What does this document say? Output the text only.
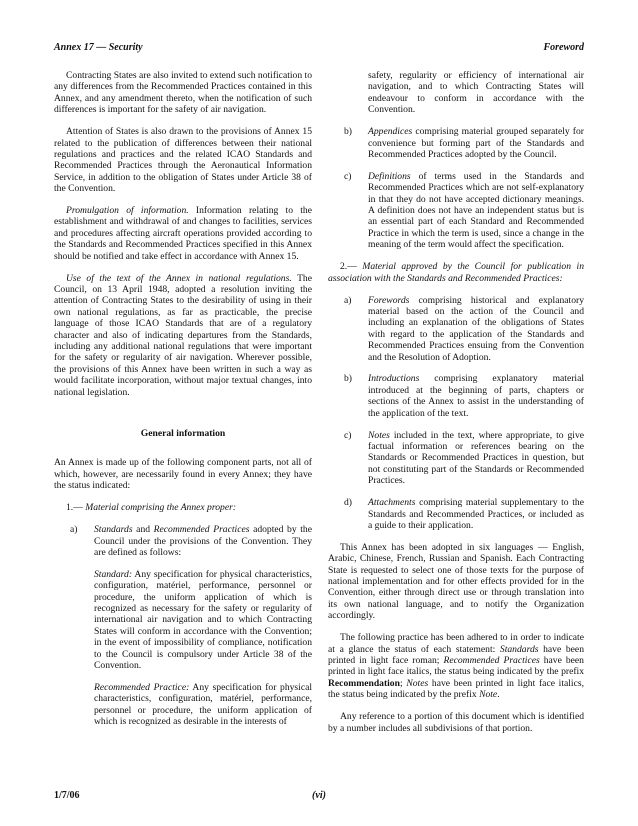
Annex 17 — Security	Foreword

Contracting States are also invited to extend such notification to any differences from the Recommended Practices contained in this Annex, and any amendment thereto, when the notification of such differences is important for the safety of air navigation.

Attention of States is also drawn to the provisions of Annex 15 related to the publication of differences between their national regulations and practices and the related ICAO Standards and Recommended Practices through the Aeronautical Information Service, in addition to the obligation of States under Article 38 of the Convention.

Promulgation of information. Information relating to the establishment and withdrawal of and changes to facilities, services and procedures affecting aircraft operations provided according to the Standards and Recommended Practices specified in this Annex should be notified and take effect in accordance with Annex 15.

Use of the text of the Annex in national regulations. The Council, on 13 April 1948, adopted a resolution inviting the attention of Contracting States to the desirability of using in their own national regulations, as far as practicable, the precise language of those ICAO Standards that are of a regulatory character and also of indicating departures from the Standards, including any additional national regulations that were important for the safety or regularity of air navigation. Wherever possible, the provisions of this Annex have been written in such a way as would facilitate incorporation, without major textual changes, into national legislation.

General information

An Annex is made up of the following component parts, not all of which, however, are necessarily found in every Annex; they have the status indicated:

1.— Material comprising the Annex proper:

a) Standards and Recommended Practices adopted by the Council under the provisions of the Convention. They are defined as follows:
Standard: Any specification for physical characteristics, configuration, matériel, performance, personnel or procedure, the uniform application of which is recognized as necessary for the safety or regularity of international air navigation and to which Contracting States will conform in accordance with the Convention; in the event of impossibility of compliance, notification to the Council is compulsory under Article 38 of the Convention.
Recommended Practice: Any specification for physical characteristics, configuration, matériel, performance, personnel or procedure, the uniform application of which is recognized as desirable in the interests of
safety, regularity or efficiency of international air navigation, and to which Contracting States will endeavour to conform in accordance with the Convention.
b) Appendices comprising material grouped separately for convenience but forming part of the Standards and Recommended Practices adopted by the Council.
c) Definitions of terms used in the Standards and Recommended Practices which are not self-explanatory in that they do not have accepted dictionary meanings. A definition does not have an independent status but is an essential part of each Standard and Recommended Practice in which the term is used, since a change in the meaning of the term would affect the specification.

2.— Material approved by the Council for publication in association with the Standards and Recommended Practices:

a) Forewords comprising historical and explanatory material based on the action of the Council and including an explanation of the obligations of States with regard to the application of the Standards and Recommended Practices ensuing from the Convention and the Resolution of Adoption.
b) Introductions comprising explanatory material introduced at the beginning of parts, chapters or sections of the Annex to assist in the understanding of the application of the text.
c) Notes included in the text, where appropriate, to give factual information or references bearing on the Standards or Recommended Practices in question, but not constituting part of the Standards or Recommended Practices.
d) Attachments comprising material supplementary to the Standards and Recommended Practices, or included as a guide to their application.

This Annex has been adopted in six languages — English, Arabic, Chinese, French, Russian and Spanish. Each Contracting State is requested to select one of those texts for the purpose of national implementation and for other effects provided for in the Convention, either through direct use or through translation into its own national language, and to notify the Organization accordingly.

The following practice has been adhered to in order to indicate at a glance the status of each statement: Standards have been printed in light face roman; Recommended Practices have been printed in light face italics, the status being indicated by the prefix Recommendation; Notes have been printed in light face italics, the status being indicated by the prefix Note.

Any reference to a portion of this document which is identified by a number includes all subdivisions of that portion.

1/7/06	(vi)
